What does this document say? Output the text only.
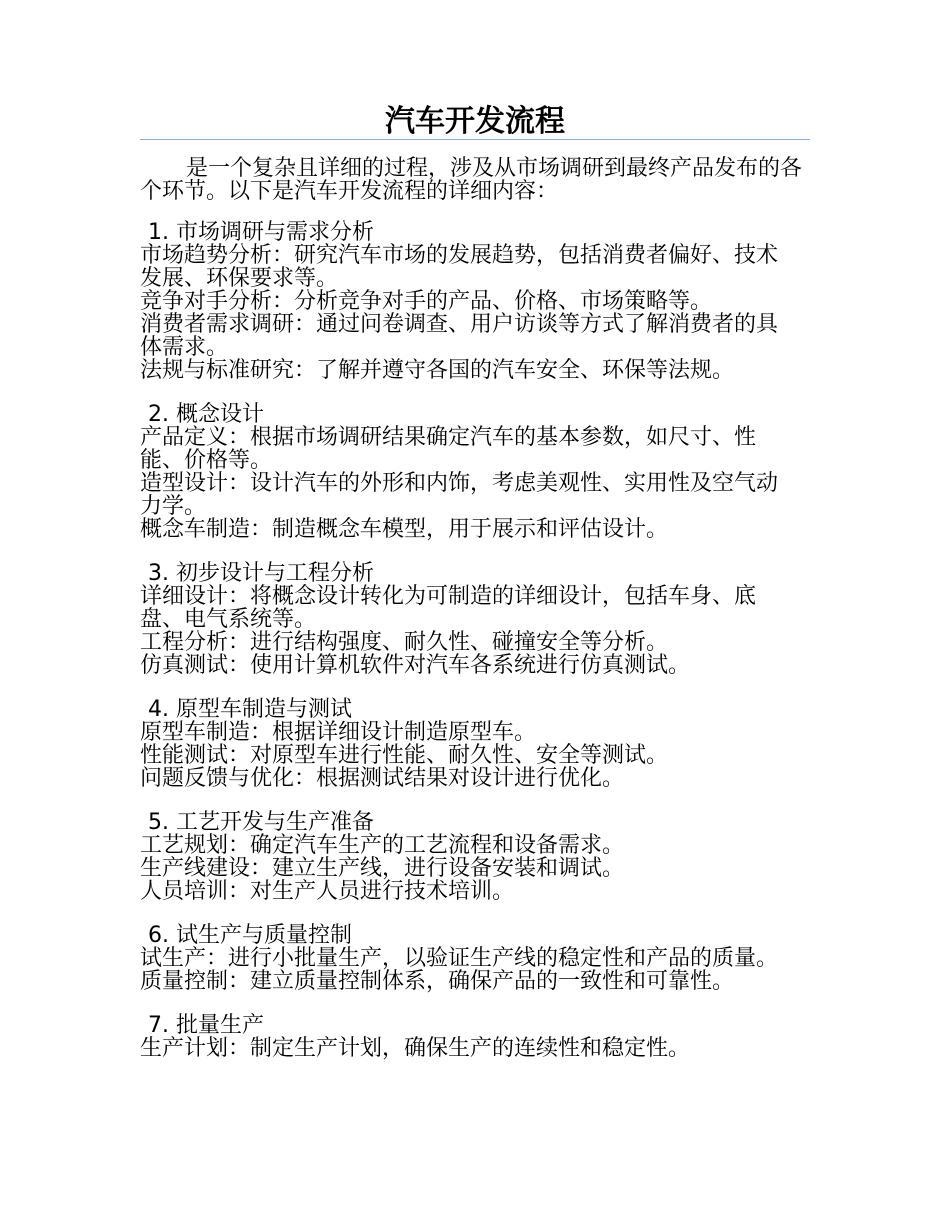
汽车开发流程

是一个复杂且详细的过程，涉及从市场调研到最终产品发布的各个环节。以下是汽车开发流程的详细内容：

1. 市场调研与需求分析

市场趋势分析：研究汽车市场的发展趋势，包括消费者偏好、技术发展、环保要求等。

竞争对手分析：分析竞争对手的产品、价格、市场策略等。

消费者需求调研：通过问卷调查、用户访谈等方式了解消费者的具体需求。

法规与标准研究：了解并遵守各国的汽车安全、环保等法规。

2. 概念设计

产品定义：根据市场调研结果确定汽车的基本参数，如尺寸、性能、价格等。

造型设计：设计汽车的外形和内饰，考虑美观性、实用性及空气动力学。

概念车制造：制造概念车模型，用于展示和评估设计。

3. 初步设计与工程分析

详细设计：将概念设计转化为可制造的详细设计，包括车身、底盘、电气系统等。

工程分析：进行结构强度、耐久性、碰撞安全等分析。

仿真测试：使用计算机软件对汽车各系统进行仿真测试。

4. 原型车制造与测试

原型车制造：根据详细设计制造原型车。

性能测试：对原型车进行性能、耐久性、安全等测试。

问题反馈与优化：根据测试结果对设计进行优化。

5. 工艺开发与生产准备

工艺规划：确定汽车生产的工艺流程和设备需求。

生产线建设：建立生产线，进行设备安装和调试。

人员培训：对生产人员进行技术培训。

6. 试生产与质量控制

试生产：进行小批量生产，以验证生产线的稳定性和产品的质量。

质量控制：建立质量控制体系，确保产品的一致性和可靠性。

7. 批量生产

生产计划：制定生产计划，确保生产的连续性和稳定性。
